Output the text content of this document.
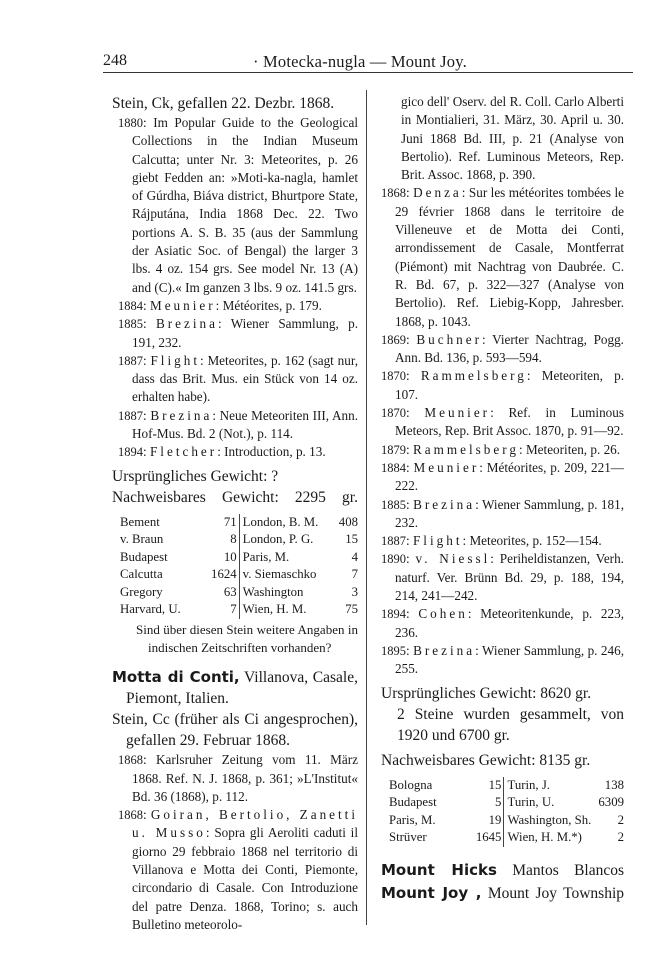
248	· Motecka-nugla — Mount Joy.
Stein, Ck, gefallen 22. Dezbr. 1868.
1880: Im Popular Guide to the Geological Collections in the Indian Museum Calcutta; unter Nr. 3: Meteorites, p. 26 giebt Fedden an: »Moti-ka-nagla, hamlet of Gúrdha, Biáva district, Bhurtpore State, Rájputána, India 1868 Dec. 22. Two portions A. S. B. 35 (aus der Sammlung der Asiatic Soc. of Bengal) the larger 3 lbs. 4 oz. 154 grs. See model Nr. 13 (A) and (C).« Im ganzen 3 lbs. 9 oz. 141.5 grs.
1884: Meunier: Météorites, p. 179.
1885: Brezina: Wiener Sammlung, p. 191, 232.
1887: Flight: Meteorites, p. 162 (sagt nur, dass das Brit. Mus. ein Stück von 14 oz. erhalten habe).
1887: Brezina: Neue Meteoriten III, Ann. Hof-Mus. Bd. 2 (Not.), p. 114.
1894: Fletcher: Introduction, p. 13.
Ursprüngliches Gewicht: ?
Nachweisbares Gewicht: 2295 gr.
Bement	71	London, B. M.	408
v. Braun	8	London, P. G.	15
Budapest	10	Paris, M.	4
Calcutta	1624	v. Siemaschko	7
Gregory	63	Washington	3
Harvard, U.	7	Wien, H. M.	75
Sind über diesen Stein weitere Angaben in indischen Zeitschriften vorhanden?
Motta di Conti, Villanova, Casale, Piemont, Italien.
Stein, Cc (früher als Ci angesprochen), gefallen 29. Februar 1868.
1868: Karlsruher Zeitung vom 11. März 1868. Ref. N. J. 1868, p. 361; »L'Institut« Bd. 36 (1868), p. 112.
1868: Goiran, Bertolio, Zanetti u. Musso: Sopra gli Aeroliti caduti il giorno 29 febbraio 1868 nel territorio di Villanova e Motta dei Conti, Piemonte, circondario di Casale. Con Introduzione del patre Denza. 1868, Torino; s. auch Bulletino meteorolo-
gico dell' Oserv. del R. Coll. Carlo Alberti in Montialieri, 31. März, 30. April u. 30. Juni 1868 Bd. III, p. 21 (Analyse von Bertolio). Ref. Luminous Meteors, Rep. Brit. Assoc. 1868, p. 390.
1868: Denza: Sur les météorites tombées le 29 février 1868 dans le territoire de Villeneuve et de Motta dei Conti, arrondissement de Casale, Montferrat (Piémont) mit Nachtrag von Daubrée. C. R. Bd. 67, p. 322—327 (Analyse von Bertolio). Ref. Liebig-Kopp, Jahresber. 1868, p. 1043.
1869: Buchner: Vierter Nachtrag, Pogg. Ann. Bd. 136, p. 593—594.
1870: Rammelsberg: Meteoriten, p. 107.
1870: Meunier: Ref. in Luminous Meteors, Rep. Brit Assoc. 1870, p. 91—92.
1879: Rammelsberg: Meteoriten, p. 26.
1884: Meunier: Météorites, p. 209, 221—222.
1885: Brezina: Wiener Sammlung, p. 181, 232.
1887: Flight: Meteorites, p. 152—154.
1890: v. Niessl: Periheldistanzen, Verh. naturf. Ver. Brünn Bd. 29, p. 188, 194, 214, 241—242.
1894: Cohen: Meteoritenkunde, p. 223, 236.
1895: Brezina: Wiener Sammlung, p. 246, 255.
Ursprüngliches Gewicht: 8620 gr.
2 Steine wurden gesammelt, von 1920 und 6700 gr.
Nachweisbares Gewicht: 8135 gr.
Bologna	15	Turin, J.	138
Budapest	5	Turin, U.	6309
Paris, M.	19	Washington, Sh.	2
Strüver	1645	Wien, H. M.*)	2
Mount Hicks Mantos Blancos
Mount Joy , Mount Joy Township
